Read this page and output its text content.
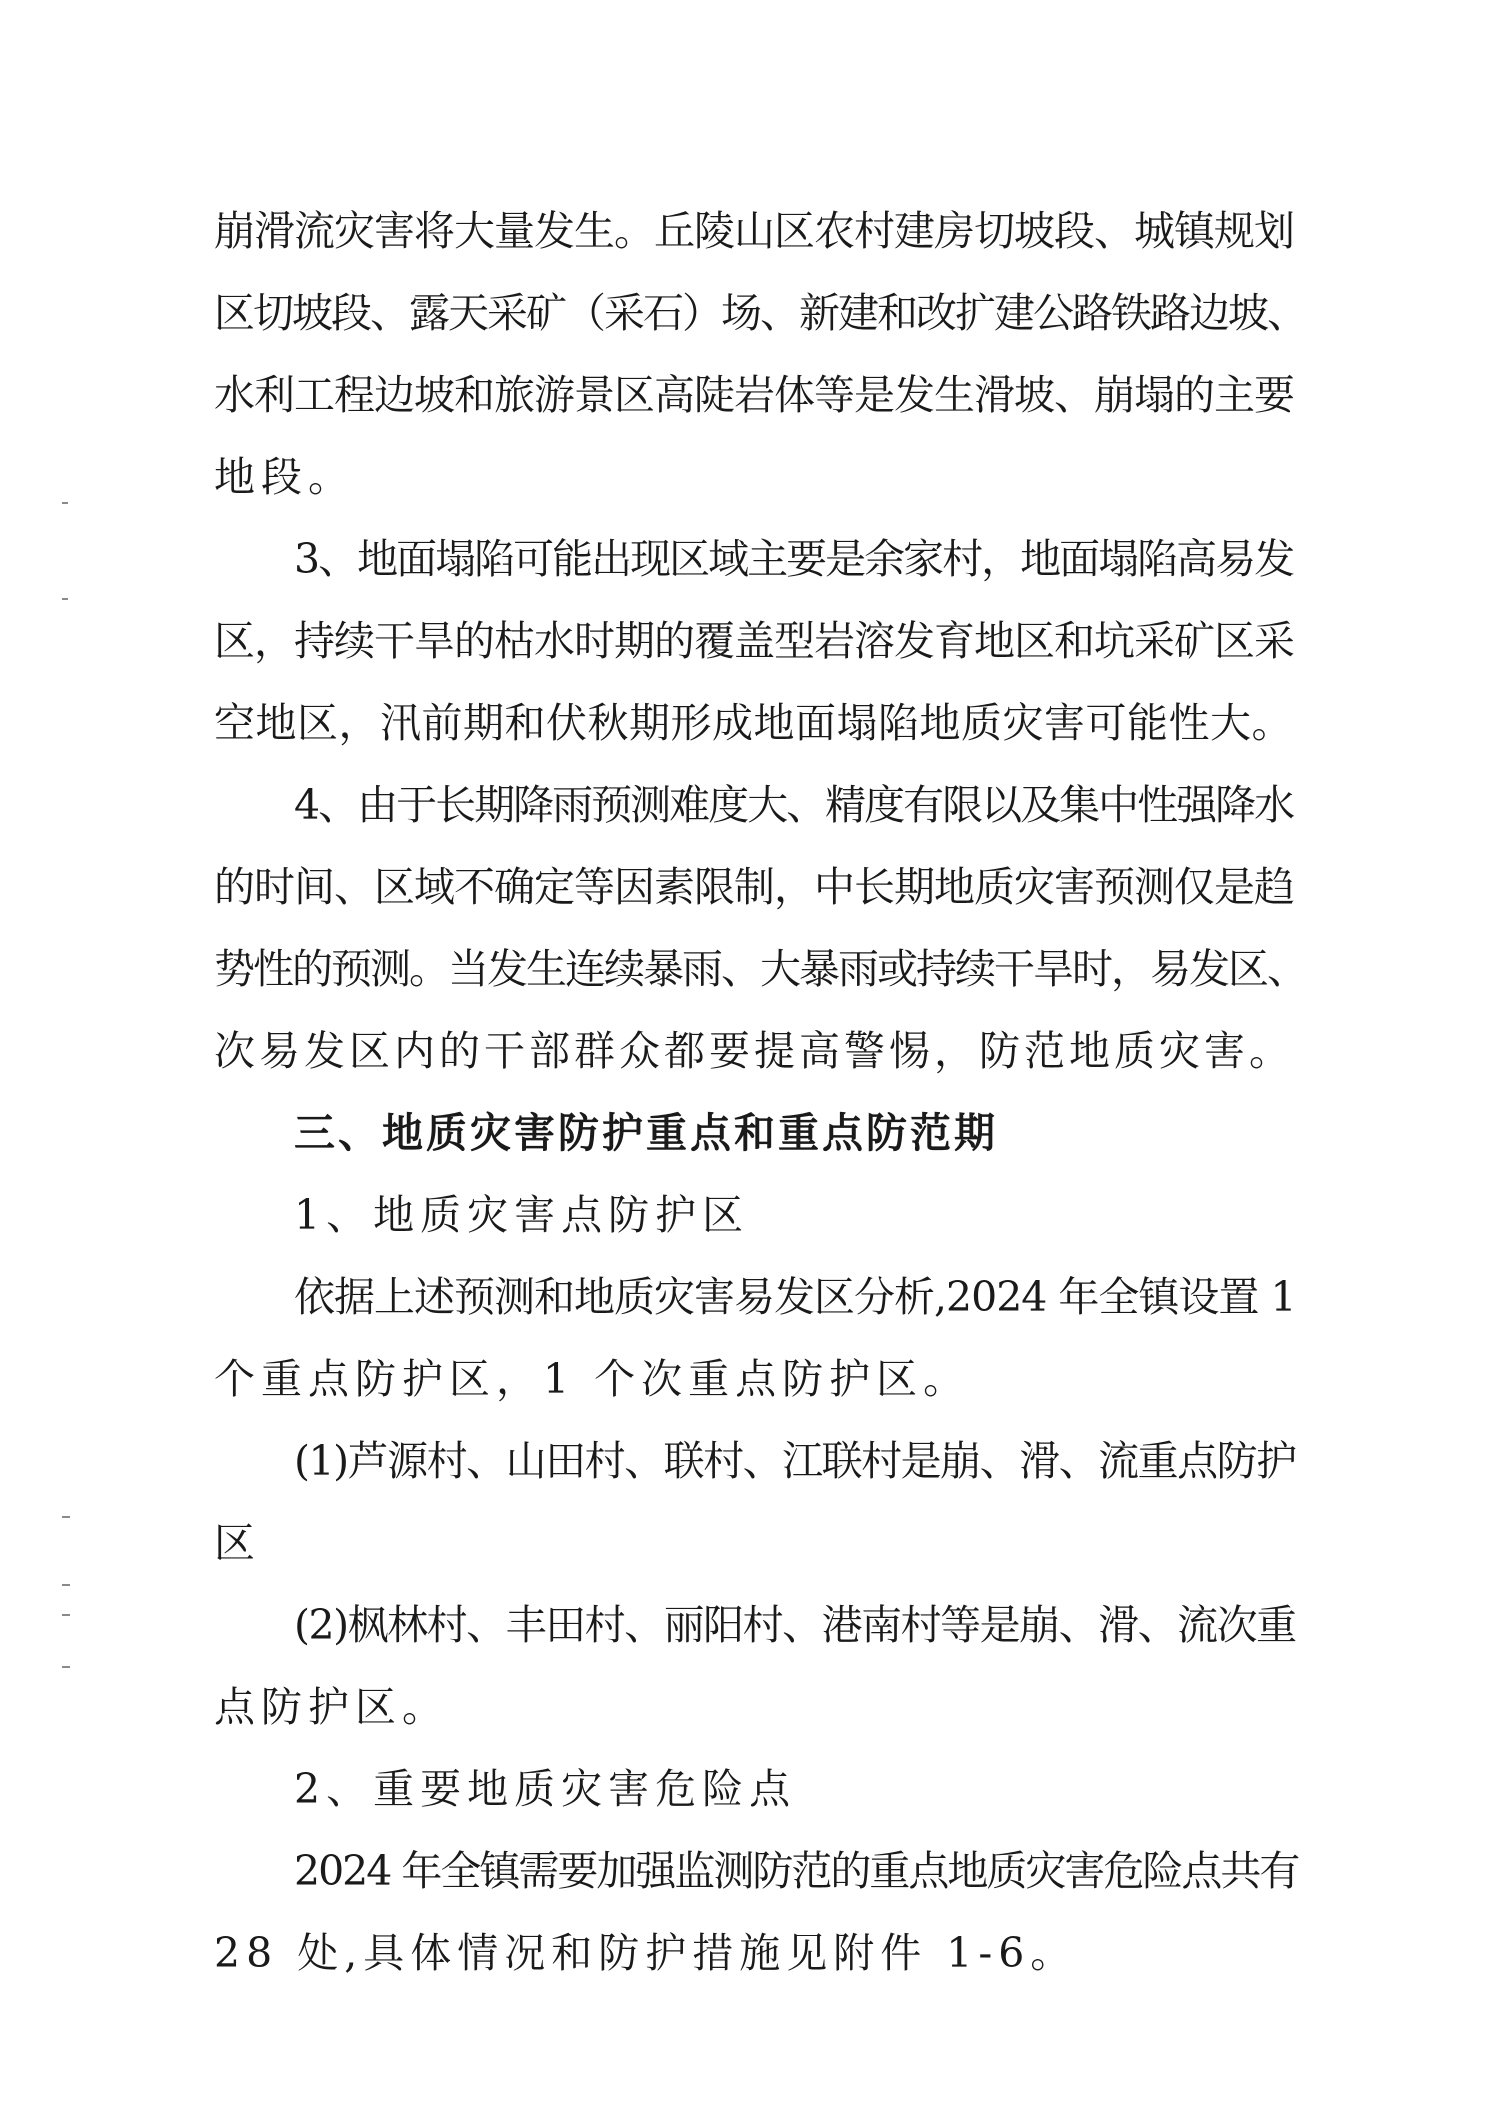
崩滑流灾害将大量发生。丘陵山区农村建房切坡段、城镇规划
区切坡段、露天采矿（采石）场、新建和改扩建公路铁路边坡、
水利工程边坡和旅游景区高陡岩体等是发生滑坡、崩塌的主要
地段。
3、地面塌陷可能出现区域主要是余家村，地面塌陷高易发
区，持续干旱的枯水时期的覆盖型岩溶发育地区和坑采矿区采
空地区，汛前期和伏秋期形成地面塌陷地质灾害可能性大。
4、由于长期降雨预测难度大、精度有限以及集中性强降水
的时间、区域不确定等因素限制，中长期地质灾害预测仅是趋
势性的预测。当发生连续暴雨、大暴雨或持续干旱时，易发区、
次易发区内的干部群众都要提高警惕，防范地质灾害。
三、地质灾害防护重点和重点防范期
1、地质灾害点防护区
依据上述预测和地质灾害易发区分析,2024 年全镇设置 1
个重点防护区，1 个次重点防护区。
(1)芦源村、山田村、联村、江联村是崩、滑、流重点防护
区
(2)枫林村、丰田村、丽阳村、港南村等是崩、滑、流次重
点防护区。
2、重要地质灾害危险点
2024 年全镇需要加强监测防范的重点地质灾害危险点共有
28 处,具体情况和防护措施见附件 1-6。
